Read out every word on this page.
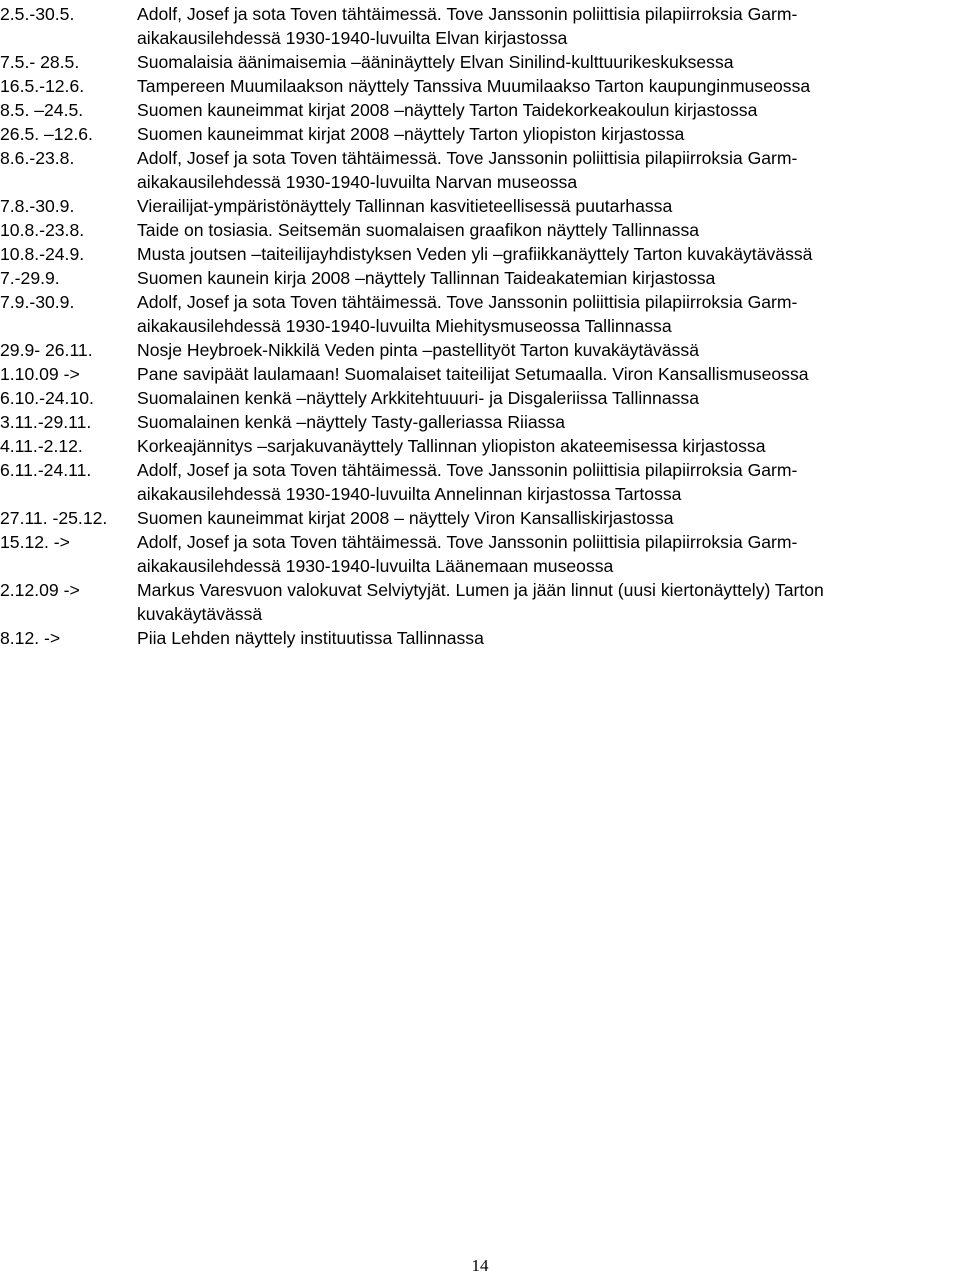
2.5.-30.5.	Adolf, Josef ja sota Toven tähtäimessä. Tove Janssonin poliittisia pilapiirroksia Garm-
aikakausilehdessä 1930-1940-luvuilta Elvan kirjastossa
7.5.- 28.5.	Suomalaisia äänimaisemia –ääninäyttely Elvan Sinilind-kulttuurikeskuksessa
16.5.-12.6.	Tampereen Muumilaakson näyttely Tanssiva Muumilaakso Tarton kaupunginmuseossa
8.5. –24.5.	Suomen kauneimmat kirjat 2008 –näyttely Tarton Taidekorkeakoulun kirjastossa
26.5. –12.6.	Suomen kauneimmat kirjat 2008 –näyttely Tarton yliopiston kirjastossa
8.6.-23.8.	Adolf, Josef ja sota Toven tähtäimessä. Tove Janssonin poliittisia pilapiirroksia Garm-
aikakausilehdessä 1930-1940-luvuilta Narvan museossa
7.8.-30.9.	Vierailijat-ympäristönäyttely Tallinnan kasvitieteellisessä puutarhassa
10.8.-23.8.	Taide on tosiasia. Seitsemän suomalaisen graafikon näyttely Tallinnassa
10.8.-24.9.	Musta joutsen –taiteilijayhdistyksen Veden yli –grafiikkanäyttely Tarton kuvakäytävässä
7.-29.9.	Suomen kaunein kirja 2008 –näyttely Tallinnan Taideakatemian kirjastossa
7.9.-30.9.	Adolf, Josef ja sota Toven tähtäimessä. Tove Janssonin poliittisia pilapiirroksia Garm-
aikakausilehdessä 1930-1940-luvuilta Miehitysmuseossa Tallinnassa
29.9- 26.11.	Nosje Heybroek-Nikkilä Veden pinta –pastellityöt Tarton kuvakäytävässä
1.10.09 ->	Pane savipäät laulamaan! Suomalaiset taiteilijat Setumaalla. Viron Kansallismuseossa
6.10.-24.10.	Suomalainen kenkä –näyttely Arkkitehtuuuri- ja Disgaleriissa Tallinnassa
3.11.-29.11.	Suomalainen kenkä –näyttely Tasty-galleriassa Riiassa
4.11.-2.12.	Korkeajännitys –sarjakuvanäyttely Tallinnan yliopiston akateemisessa kirjastossa
6.11.-24.11.	Adolf, Josef ja sota Toven tähtäimessä. Tove Janssonin poliittisia pilapiirroksia Garm-
aikakausilehdessä 1930-1940-luvuilta Annelinnan kirjastossa Tartossa
27.11. -25.12.	Suomen kauneimmat kirjat 2008 – näyttely Viron Kansalliskirjastossa
15.12. ->	Adolf, Josef ja sota Toven tähtäimessä. Tove Janssonin poliittisia pilapiirroksia Garm-
aikakausilehdessä 1930-1940-luvuilta Läänemaan museossa
2.12.09 ->	Markus Varesvuon valokuvat Selviytyjät. Lumen ja jään linnut (uusi kiertonäyttely) Tarton
kuvakäytävässä
8.12. ->	Piia Lehden näyttely instituutissa Tallinnassa
14
